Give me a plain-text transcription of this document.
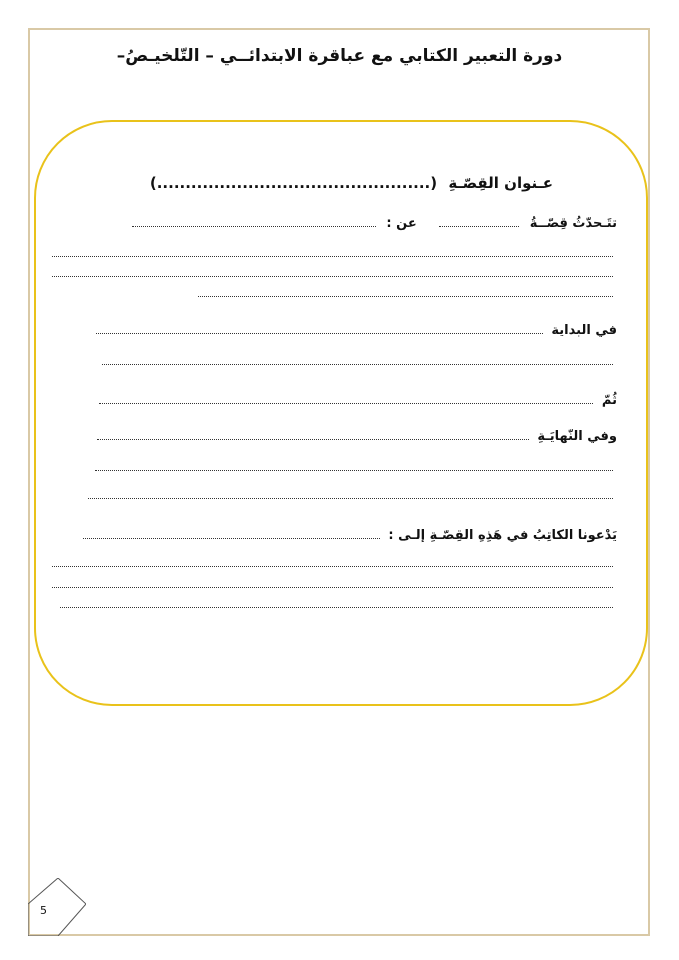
دورة التعبير الكتابي مع عباقرة الابتدائــي – التّلخيـصُ–
عـنوان القِصّـةِ (................................................)
تتَـحدّثُ قِصّــةُ  عن :
في البداية
ثُمّ
وفي النّهايَـةِ
يَدْعونا الكاتِبُ في هَذِهِ القِصّـةِ إلـى :
5
